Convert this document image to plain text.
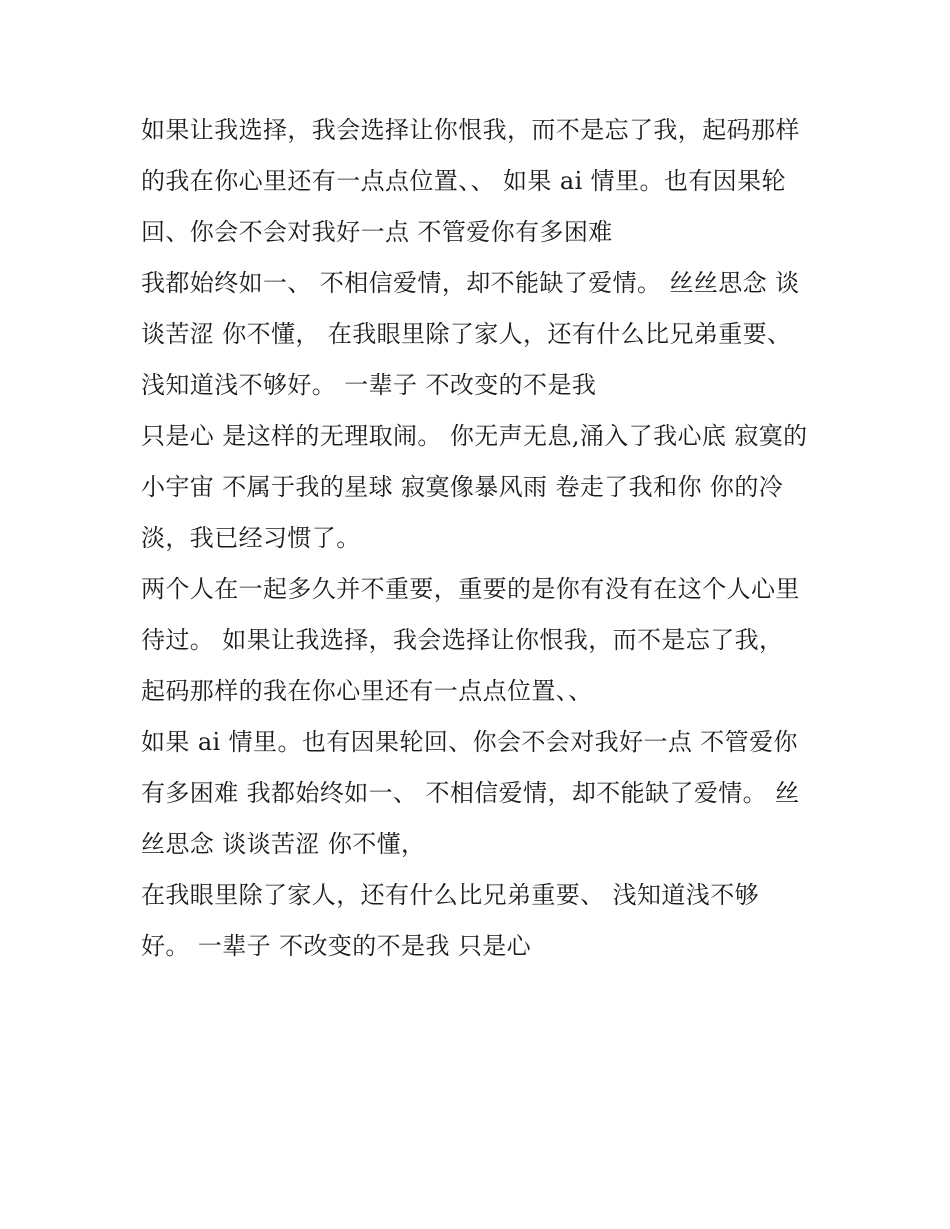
如果让我选择，我会选择让你恨我，而不是忘了我，起码那样
的我在你心里还有一点点位置、、 如果 ai 情里。也有因果轮
回、你会不会对我好一点 不管爱你有多困难
我都始终如一、 不相信爱情，却不能缺了爱情。 丝丝思念 谈
谈苦涩 你不懂， 在我眼里除了家人，还有什么比兄弟重要、
浅知道浅不够好。 一辈子 不改变的不是我
只是心 是这样的无理取闹。 你无声无息,涌入了我心底 寂寞的
小宇宙 不属于我的星球 寂寞像暴风雨 卷走了我和你 你的冷
淡，我已经习惯了。
两个人在一起多久并不重要，重要的是你有没有在这个人心里
待过。 如果让我选择，我会选择让你恨我，而不是忘了我，
起码那样的我在你心里还有一点点位置、、
如果 ai 情里。也有因果轮回、你会不会对我好一点 不管爱你
有多困难 我都始终如一、 不相信爱情，却不能缺了爱情。 丝
丝思念 谈谈苦涩 你不懂，
在我眼里除了家人，还有什么比兄弟重要、 浅知道浅不够
好。 一辈子 不改变的不是我 只是心
